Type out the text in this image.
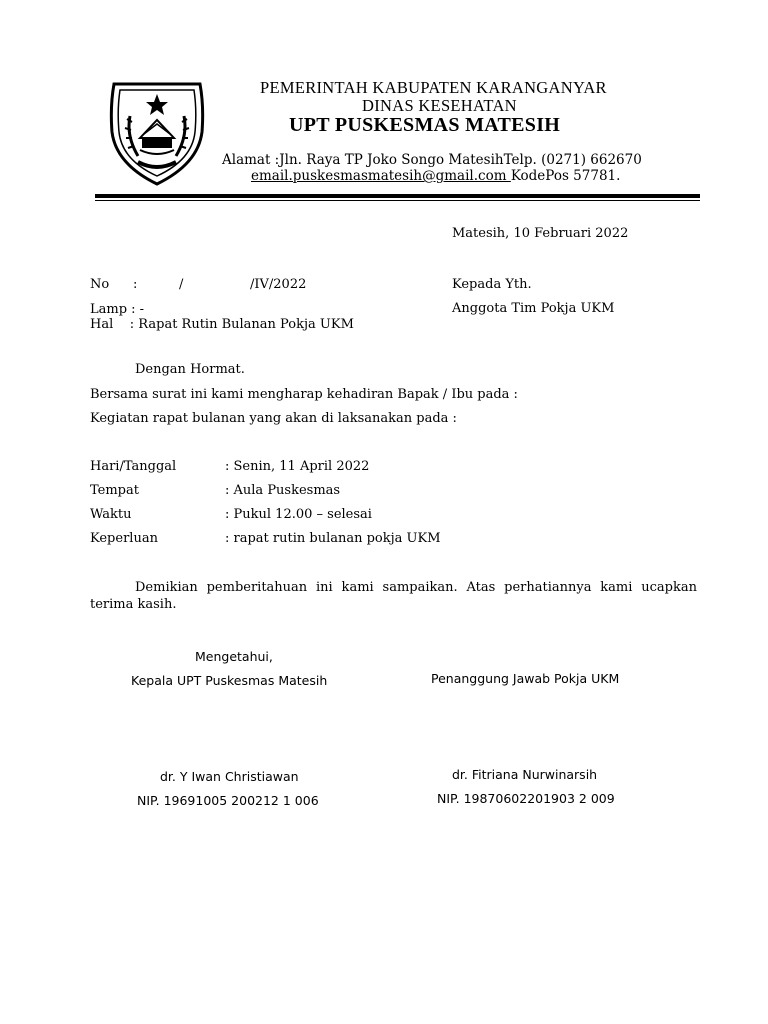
PEMERINTAH KABUPATEN KARANGANYAR
DINAS KESEHATAN
UPT PUSKESMAS MATESIH
Alamat :Jln. Raya TP Joko Songo MatesihTelp. (0271) 662670
email.puskesmasmatesih@gmail.com KodePos 57781.
Matesih, 10 Februari 2022
No :	/	/IV/2022
Lamp : -
Hal    : Rapat Rutin Bulanan Pokja UKM
Kepada Yth.
Anggota Tim Pokja UKM
Dengan Hormat.
Bersama surat ini kami mengharap kehadiran Bapak / Ibu pada :
Kegiatan rapat bulanan yang akan di laksanakan pada :
Hari/Tanggal	: Senin, 11 April 2022
Tempat	: Aula Puskesmas
Waktu	: Pukul 12.00 – selesai
Keperluan	: rapat rutin bulanan pokja UKM
Demikian pemberitahuan ini kami sampaikan. Atas perhatiannya kami ucapkan terima kasih.
Mengetahui,
Kepala UPT Puskesmas Matesih	Penanggung Jawab Pokja UKM
dr. Y Iwan Christiawan
NIP. 19691005 200212 1 006
dr. Fitriana Nurwinarsih
NIP. 19870602201903 2 009
